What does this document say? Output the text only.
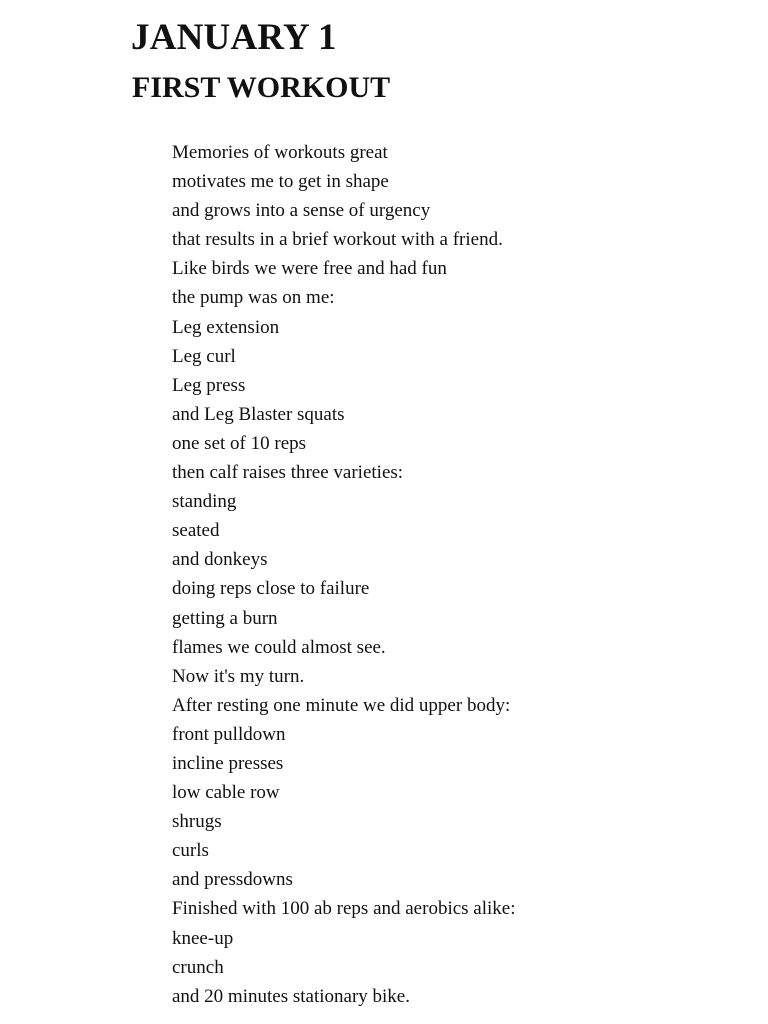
JANUARY 1
FIRST WORKOUT
Memories of workouts great
motivates me to get in shape
and grows into a sense of urgency
that results in a brief workout with a friend.
Like birds we were free and had fun
the pump was on me:
Leg extension
Leg curl
Leg press
and Leg Blaster squats
one set of 10 reps
then calf raises three varieties:
standing
seated
and donkeys
doing reps close to failure
getting a burn
flames we could almost see.
Now it's my turn.
After resting one minute we did upper body:
front pulldown
incline presses
low cable row
shrugs
curls
and pressdowns
Finished with 100 ab reps and aerobics alike:
knee-up
crunch
and 20 minutes stationary bike.
